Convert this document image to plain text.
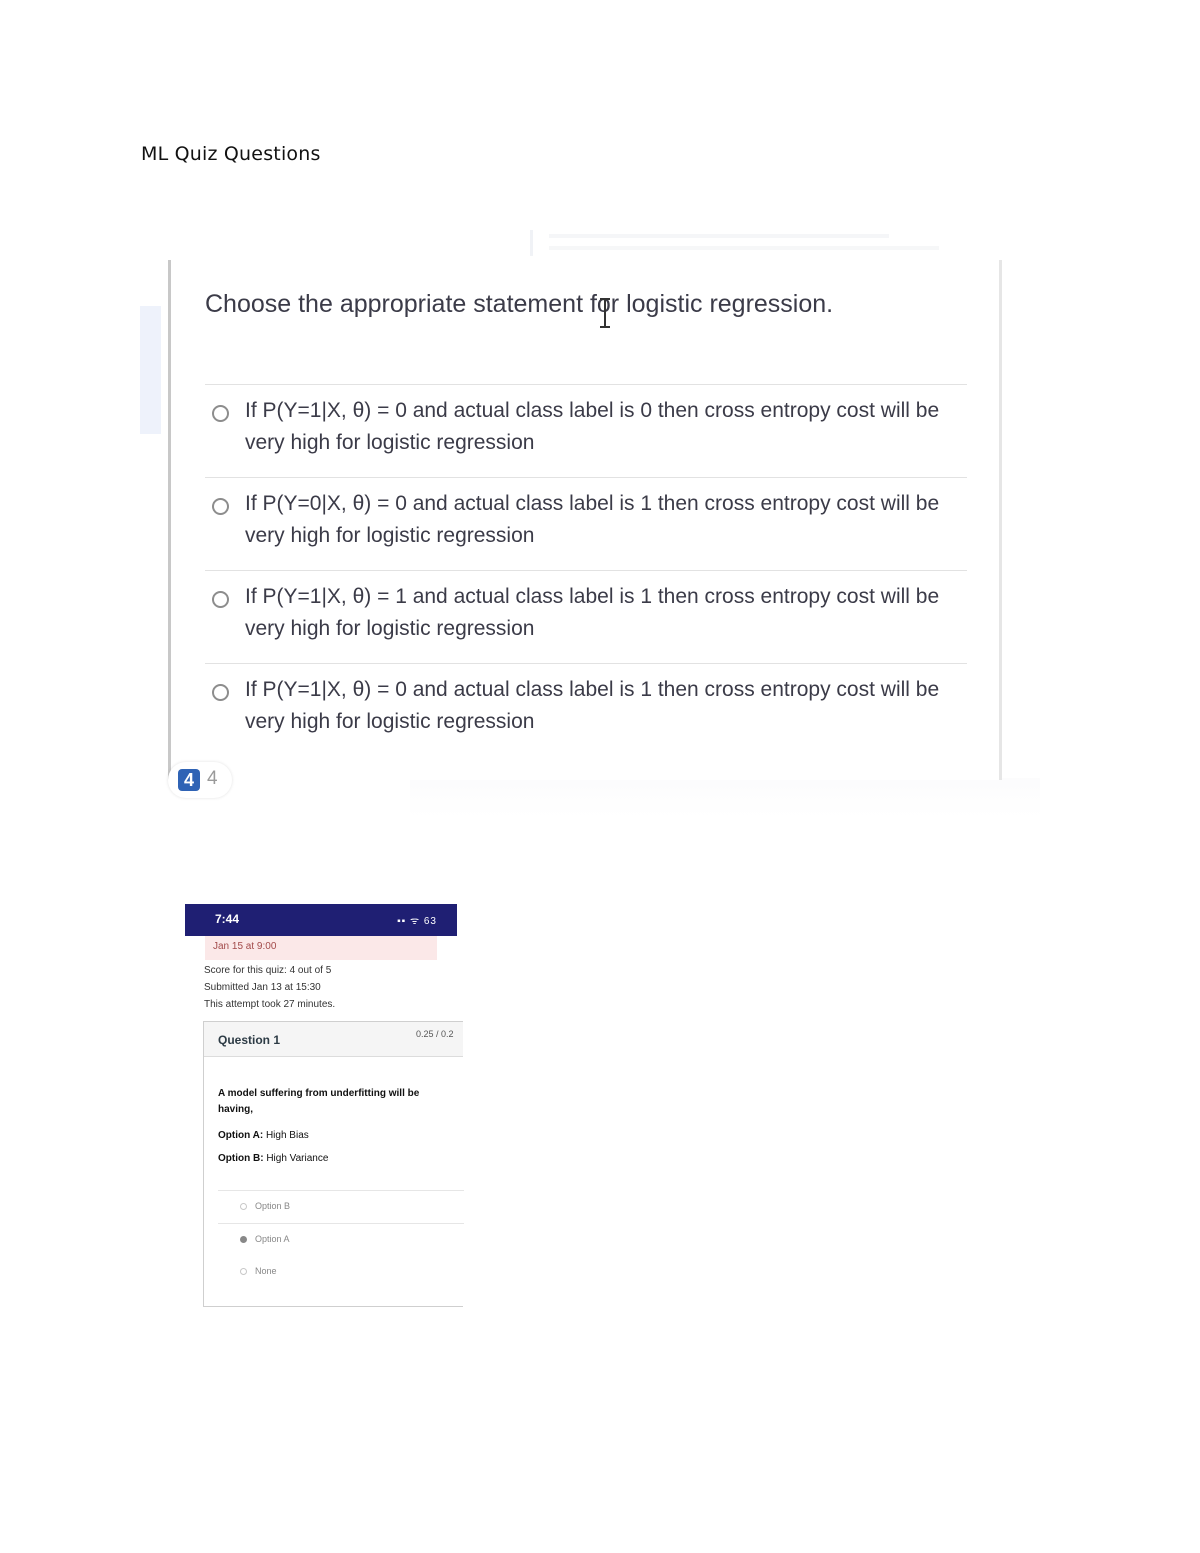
ML Quiz Questions
Choose the appropriate statement for logistic regression.
If P(Y=1|X, θ) = 0 and actual class label is 0 then cross entropy cost will be very high for logistic regression
If P(Y=0|X, θ) = 0 and actual class label is 1 then cross entropy cost will be very high for logistic regression
If P(Y=1|X, θ) = 1 and actual class label is 1 then cross entropy cost will be very high for logistic regression
If P(Y=1|X, θ) = 0 and actual class label is 1 then cross entropy cost will be very high for logistic regression
4 4
7:44	▪▪ ᯤ 63
Jan 15 at 9:00
Score for this quiz: 4 out of 5
Submitted Jan 13 at 15:30
This attempt took 27 minutes.
Question 1	0.25 / 0.2
A model suffering from underfitting will be having,
Option A: High Bias
Option B: High Variance
Option B
Option A
None
